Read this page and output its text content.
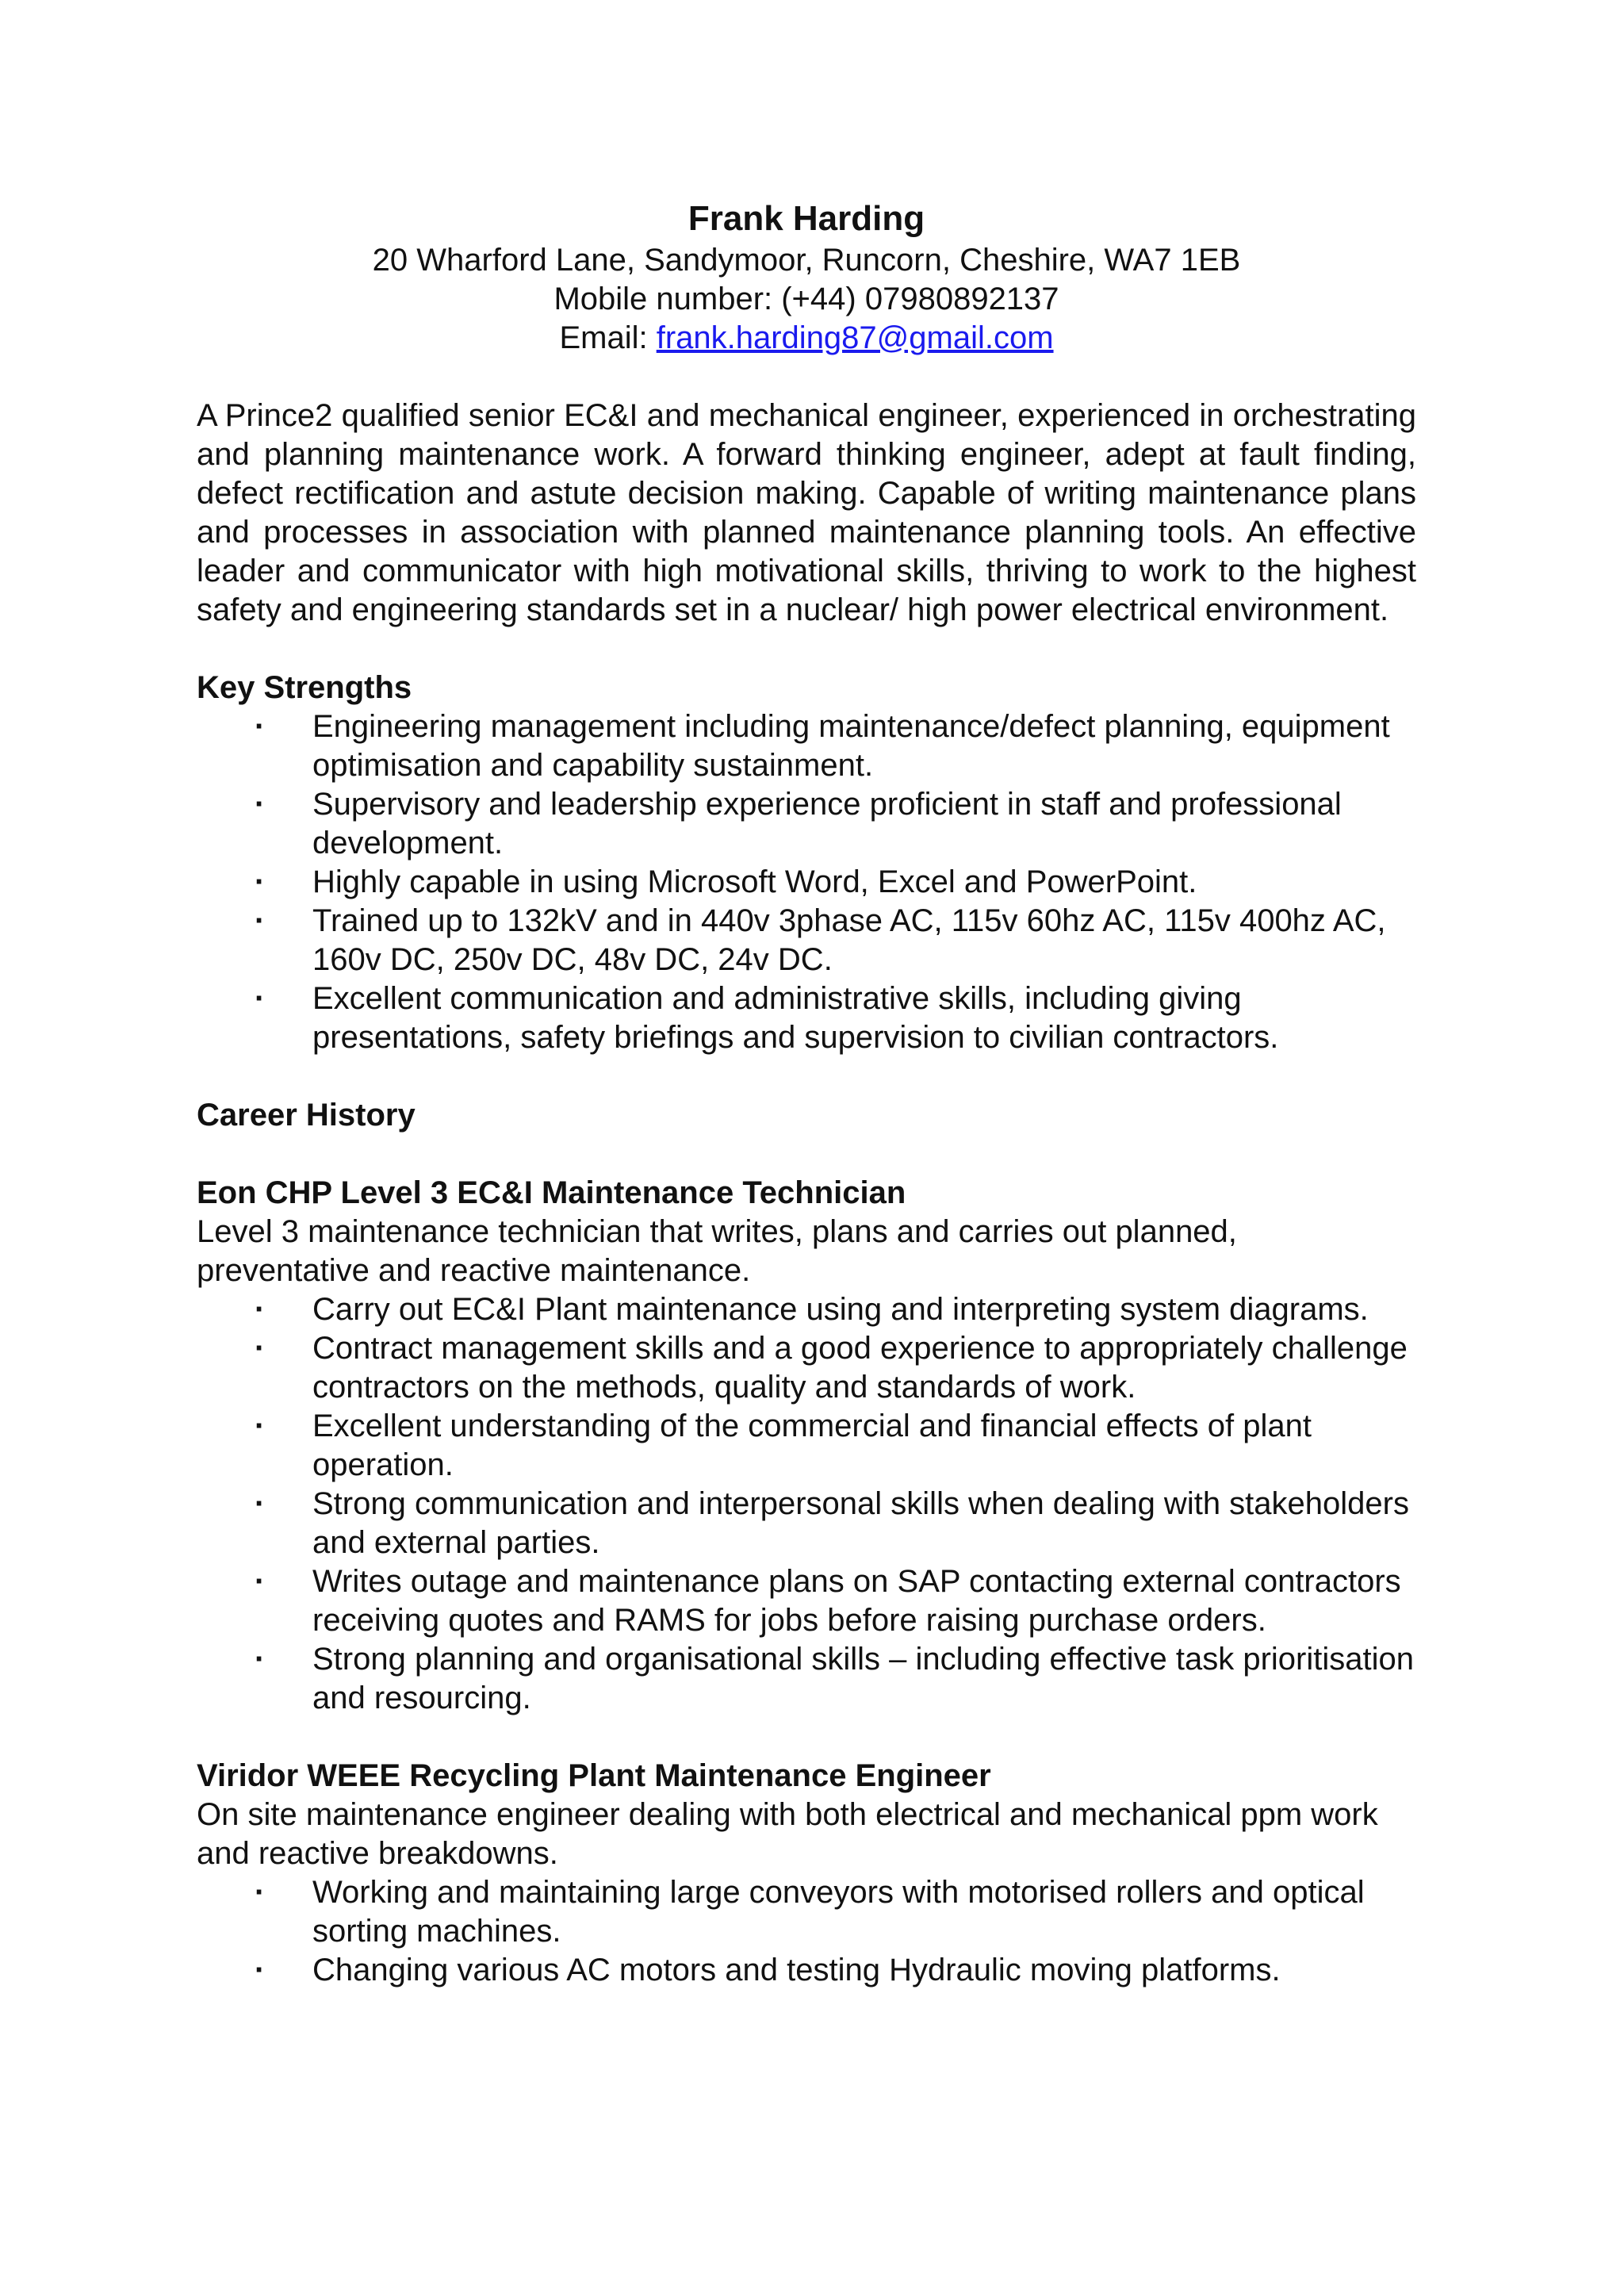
Frank Harding

20 Wharford Lane, Sandymoor, Runcorn, Cheshire, WA7 1EB

Mobile number: (+44) 07980892137

Email: frank.harding87@gmail.com

A Prince2 qualified senior EC&I and mechanical engineer, experienced in orchestrating and planning maintenance work. A forward thinking engineer, adept at fault finding, defect rectification and astute decision making. Capable of writing maintenance plans and processes in association with planned maintenance planning tools. An effective leader and communicator with high motivational skills, thriving to work to the highest safety and engineering standards set in a nuclear/ high power electrical environment.

Key Strengths

· Engineering management including maintenance/defect planning, equipment optimisation and capability sustainment.
· Supervisory and leadership experience proficient in staff and professional development.
· Highly capable in using Microsoft Word, Excel and PowerPoint.
· Trained up to 132kV and in 440v 3phase AC, 115v 60hz AC, 115v 400hz AC, 160v DC, 250v DC, 48v DC, 24v DC.
· Excellent communication and administrative skills, including giving presentations, safety briefings and supervision to civilian contractors.

Career History

Eon CHP Level 3 EC&I Maintenance Technician

Level 3 maintenance technician that writes, plans and carries out planned, preventative and reactive maintenance.

· Carry out EC&I Plant maintenance using and interpreting system diagrams.
· Contract management skills and a good experience to appropriately challenge contractors on the methods, quality and standards of work.
· Excellent understanding of the commercial and financial effects of plant operation.
· Strong communication and interpersonal skills when dealing with stakeholders and external parties.
· Writes outage and maintenance plans on SAP contacting external contractors receiving quotes and RAMS for jobs before raising purchase orders.
· Strong planning and organisational skills – including effective task prioritisation and resourcing.

Viridor WEEE Recycling Plant Maintenance Engineer

On site maintenance engineer dealing with both electrical and mechanical ppm work and reactive breakdowns.

· Working and maintaining large conveyors with motorised rollers and optical sorting machines.
· Changing various AC motors and testing Hydraulic moving platforms.
